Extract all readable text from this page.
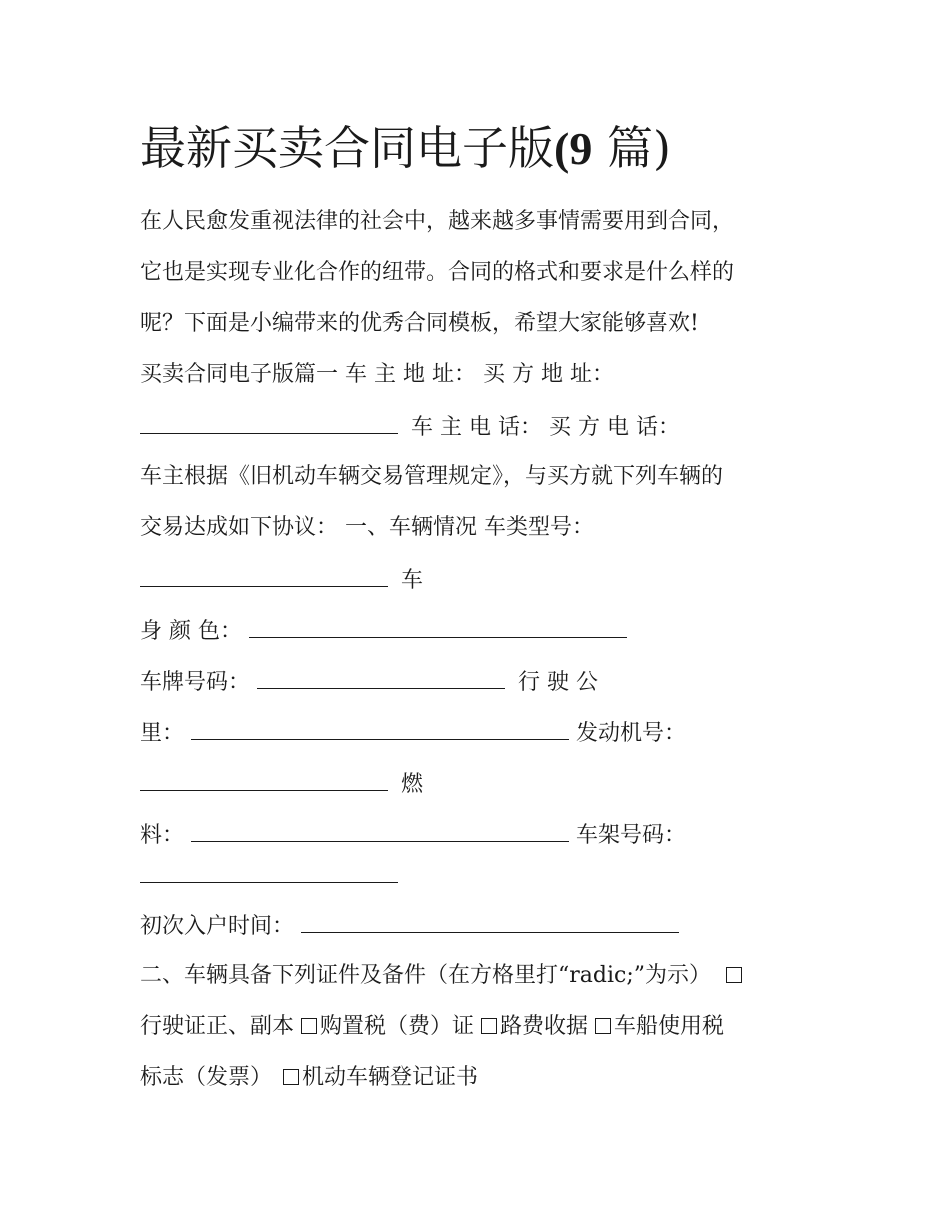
最新买卖合同电子版(9 篇)
在人民愈发重视法律的社会中，越来越多事情需要用到合同，
它也是实现专业化合作的纽带。合同的格式和要求是什么样的
呢？下面是小编带来的优秀合同模板，希望大家能够喜欢!
买卖合同电子版篇一 车 主 地 址： 买 方 地 址：
车 主 电 话： 买 方 电 话：
车主根据《旧机动车辆交易管理规定》，与买方就下列车辆的
交易达成如下协议： 一、车辆情况 车类型号：
车
身 颜 色：
车牌号码：	行 驶 公
里：	发动机号：
燃
料：	车架号码：
初次入户时间：
二、车辆具备下列证件及备件（在方格里打“radic;”为示）
行驶证正、副本 购置税（费）证 路费收据 车船使用税
标志（发票） 机动车辆登记证书
